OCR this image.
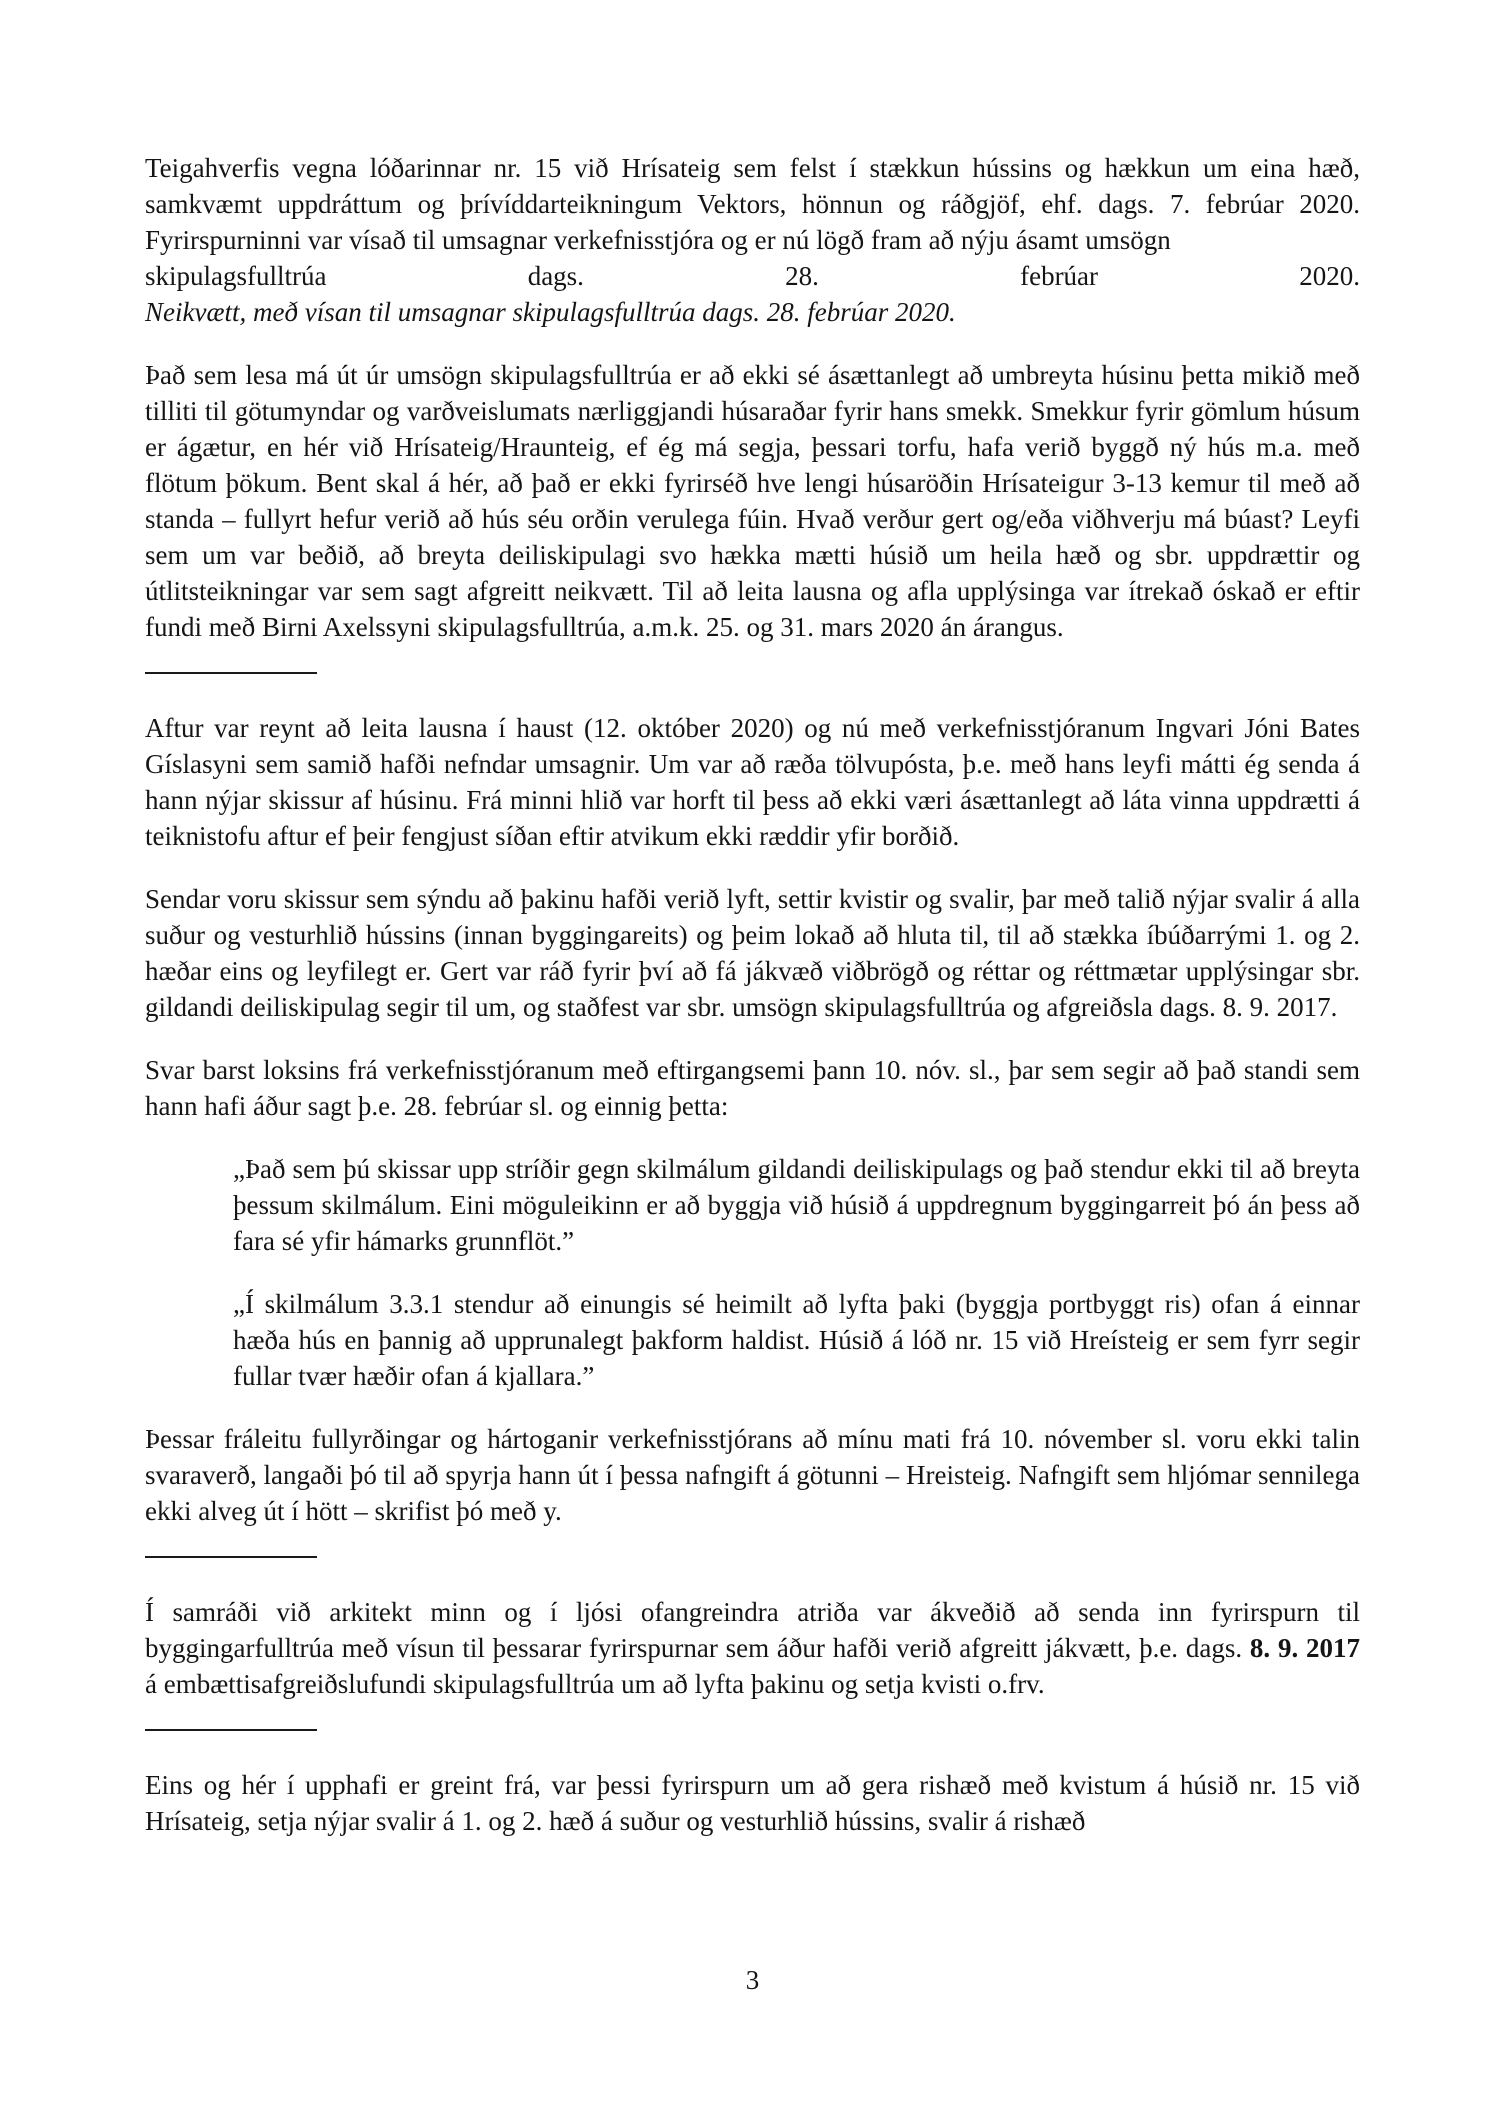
Teigahverfis vegna lóðarinnar nr. 15 við Hrísateig sem felst í stækkun hússins og hækkun um eina hæð, samkvæmt uppdráttum og þrívíddarteikningum Vektors, hönnun og ráðgjöf, ehf. dags. 7. febrúar 2020. Fyrirspurninni var vísað til umsagnar verkefnisstjóra og er nú lögð fram að nýju ásamt umsögn

skipulagsfulltrúa	dags.	28.	febrúar	2020.

Neikvætt, með vísan til umsagnar skipulagsfulltrúa dags. 28. febrúar 2020.

Það sem lesa má út úr umsögn skipulagsfulltrúa er að ekki sé ásættanlegt að umbreyta húsinu þetta mikið með tilliti til götumyndar og varðveislumats nærliggjandi húsaraðar fyrir hans smekk. Smekkur fyrir gömlum húsum er ágætur, en hér við Hrísateig/Hraunteig, ef ég má segja, þessari torfu, hafa verið byggð ný hús m.a. með flötum þökum. Bent skal á hér, að það er ekki fyrirséð hve lengi húsaröðin Hrísateigur 3-13 kemur til með að standa – fullyrt hefur verið að hús séu orðin verulega fúin. Hvað verður gert og/eða viðhverju má búast? Leyfi sem um var beðið, að breyta deiliskipulagi svo hækka mætti húsið um heila hæð og sbr. uppdrættir og útlitsteikningar var sem sagt afgreitt neikvætt. Til að leita lausna og afla upplýsinga var ítrekað óskað er eftir fundi með Birni Axelssyni skipulagsfulltrúa, a.m.k. 25. og 31. mars 2020 án árangus.

Aftur var reynt að leita lausna í haust (12. október 2020) og nú með verkefnisstjóranum Ingvari Jóni Bates Gíslasyni sem samið hafði nefndar umsagnir. Um var að ræða tölvupósta, þ.e. með hans leyfi mátti ég senda á hann nýjar skissur af húsinu. Frá minni hlið var horft til þess að ekki væri ásættanlegt að láta vinna uppdrætti á teiknistofu aftur ef þeir fengjust síðan eftir atvikum ekki ræddir yfir borðið.

Sendar voru skissur sem sýndu að þakinu hafði verið lyft, settir kvistir og svalir, þar með talið nýjar svalir á alla suður og vesturhlið hússins (innan byggingareits) og þeim lokað að hluta til, til að stækka íbúðarrými 1. og 2. hæðar eins og leyfilegt er. Gert var ráð fyrir því að fá jákvæð viðbrögð og réttar og réttmætar upplýsingar sbr. gildandi deiliskipulag segir til um, og staðfest var sbr. umsögn skipulagsfulltrúa og afgreiðsla dags. 8. 9. 2017.

Svar barst loksins frá verkefnisstjóranum með eftirgangsemi þann 10. nóv. sl., þar sem segir að það standi sem hann hafi áður sagt þ.e. 28. febrúar sl. og einnig þetta:

„Það sem þú skissar upp stríðir gegn skilmálum gildandi deiliskipulags og það stendur ekki til að breyta þessum skilmálum. Eini möguleikinn er að byggja við húsið á uppdregnum byggingarreit þó án þess að fara sé yfir hámarks grunnflöt.”

„Í skilmálum 3.3.1 stendur að einungis sé heimilt að lyfta þaki (byggja portbyggt ris) ofan á einnar hæða hús en þannig að upprunalegt þakform haldist. Húsið á lóð nr. 15 við Hreísteig er sem fyrr segir fullar tvær hæðir ofan á kjallara.”

Þessar fráleitu fullyrðingar og hártoganir verkefnisstjórans að mínu mati frá 10. nóvember sl. voru ekki talin svaraverð, langaði þó til að spyrja hann út í þessa nafngift á götunni – Hreisteig. Nafngift sem hljómar sennilega ekki alveg út í hött – skrifist þó með y.

Í samráði við arkitekt minn og í ljósi ofangreindra atriða var ákveðið að senda inn fyrirspurn til byggingarfulltrúa með vísun til þessarar fyrirspurnar sem áður hafði verið afgreitt jákvætt, þ.e. dags. 8. 9. 2017 á embættisafgreiðslufundi skipulagsfulltrúa um að lyfta þakinu og setja kvisti o.frv.

Eins og hér í upphafi er greint frá, var þessi fyrirspurn um að gera rishæð með kvistum á húsið nr. 15 við Hrísateig, setja nýjar svalir á 1. og 2. hæð á suður og vesturhlið hússins, svalir á rishæð

3
